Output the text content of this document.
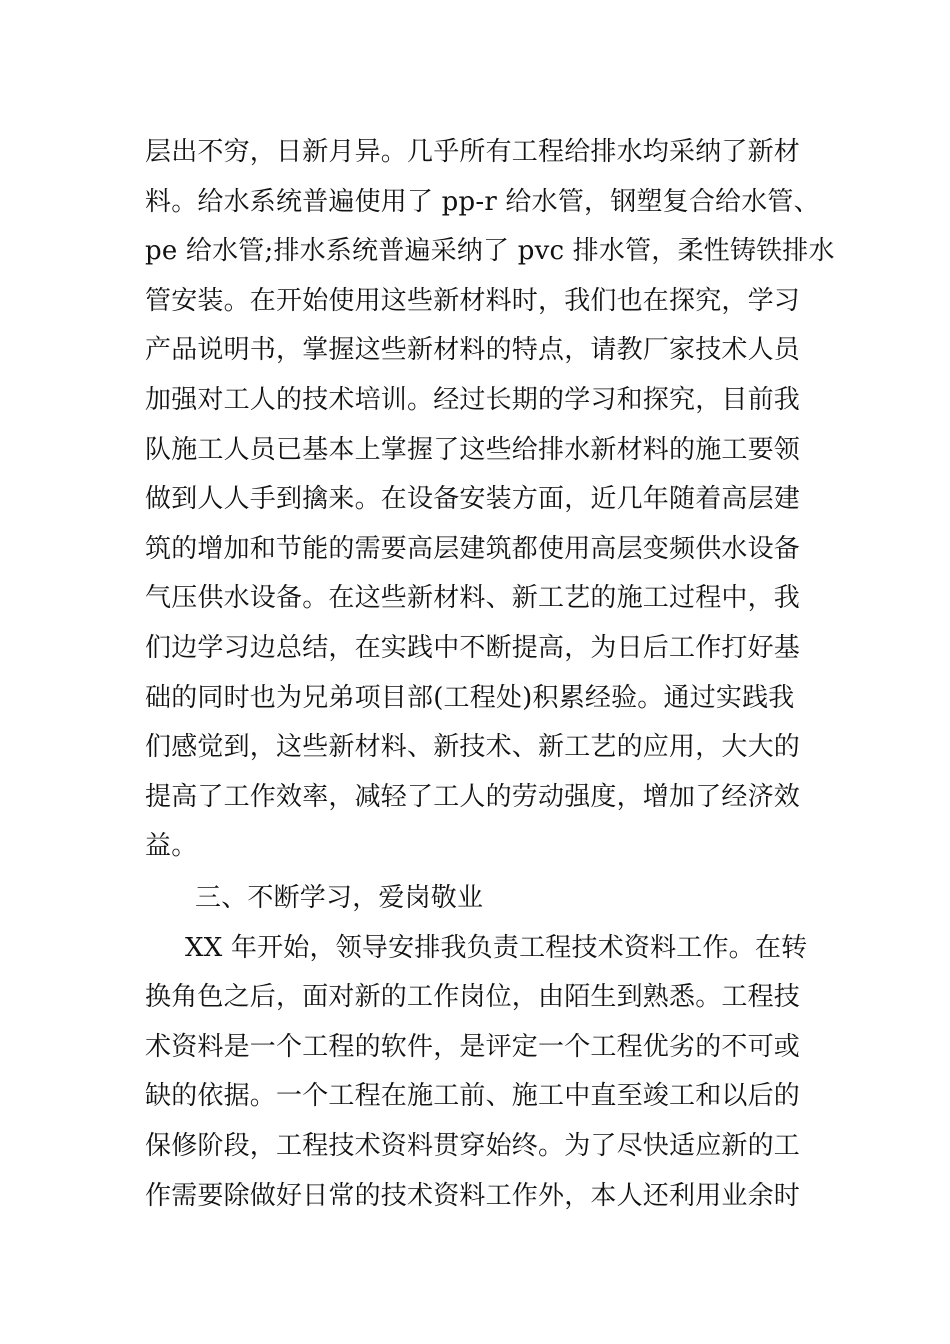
层出不穷，日新月异。几乎所有工程给排水均采纳了新材
料。给水系统普遍使用了 pp-r 给水管，钢塑复合给水管、
pe 给水管;排水系统普遍采纳了 pvc 排水管，柔性铸铁排水
管安装。在开始使用这些新材料时，我们也在探究，学习
产品说明书，掌握这些新材料的特点，请教厂家技术人员
加强对工人的技术培训。经过长期的学习和探究，目前我
队施工人员已基本上掌握了这些给排水新材料的施工要领
做到人人手到擒来。在设备安装方面，近几年随着高层建
筑的增加和节能的需要高层建筑都使用高层变频供水设备
气压供水设备。在这些新材料、新工艺的施工过程中，我
们边学习边总结，在实践中不断提高，为日后工作打好基
础的同时也为兄弟项目部(工程处)积累经验。通过实践我
们感觉到，这些新材料、新技术、新工艺的应用，大大的
提高了工作效率，减轻了工人的劳动强度，增加了经济效
益。
三、不断学习，爱岗敬业
XX 年开始，领导安排我负责工程技术资料工作。在转
换角色之后，面对新的工作岗位，由陌生到熟悉。工程技
术资料是一个工程的软件，是评定一个工程优劣的不可或
缺的依据。一个工程在施工前、施工中直至竣工和以后的
保修阶段，工程技术资料贯穿始终。为了尽快适应新的工
作需要除做好日常的技术资料工作外，本人还利用业余时
